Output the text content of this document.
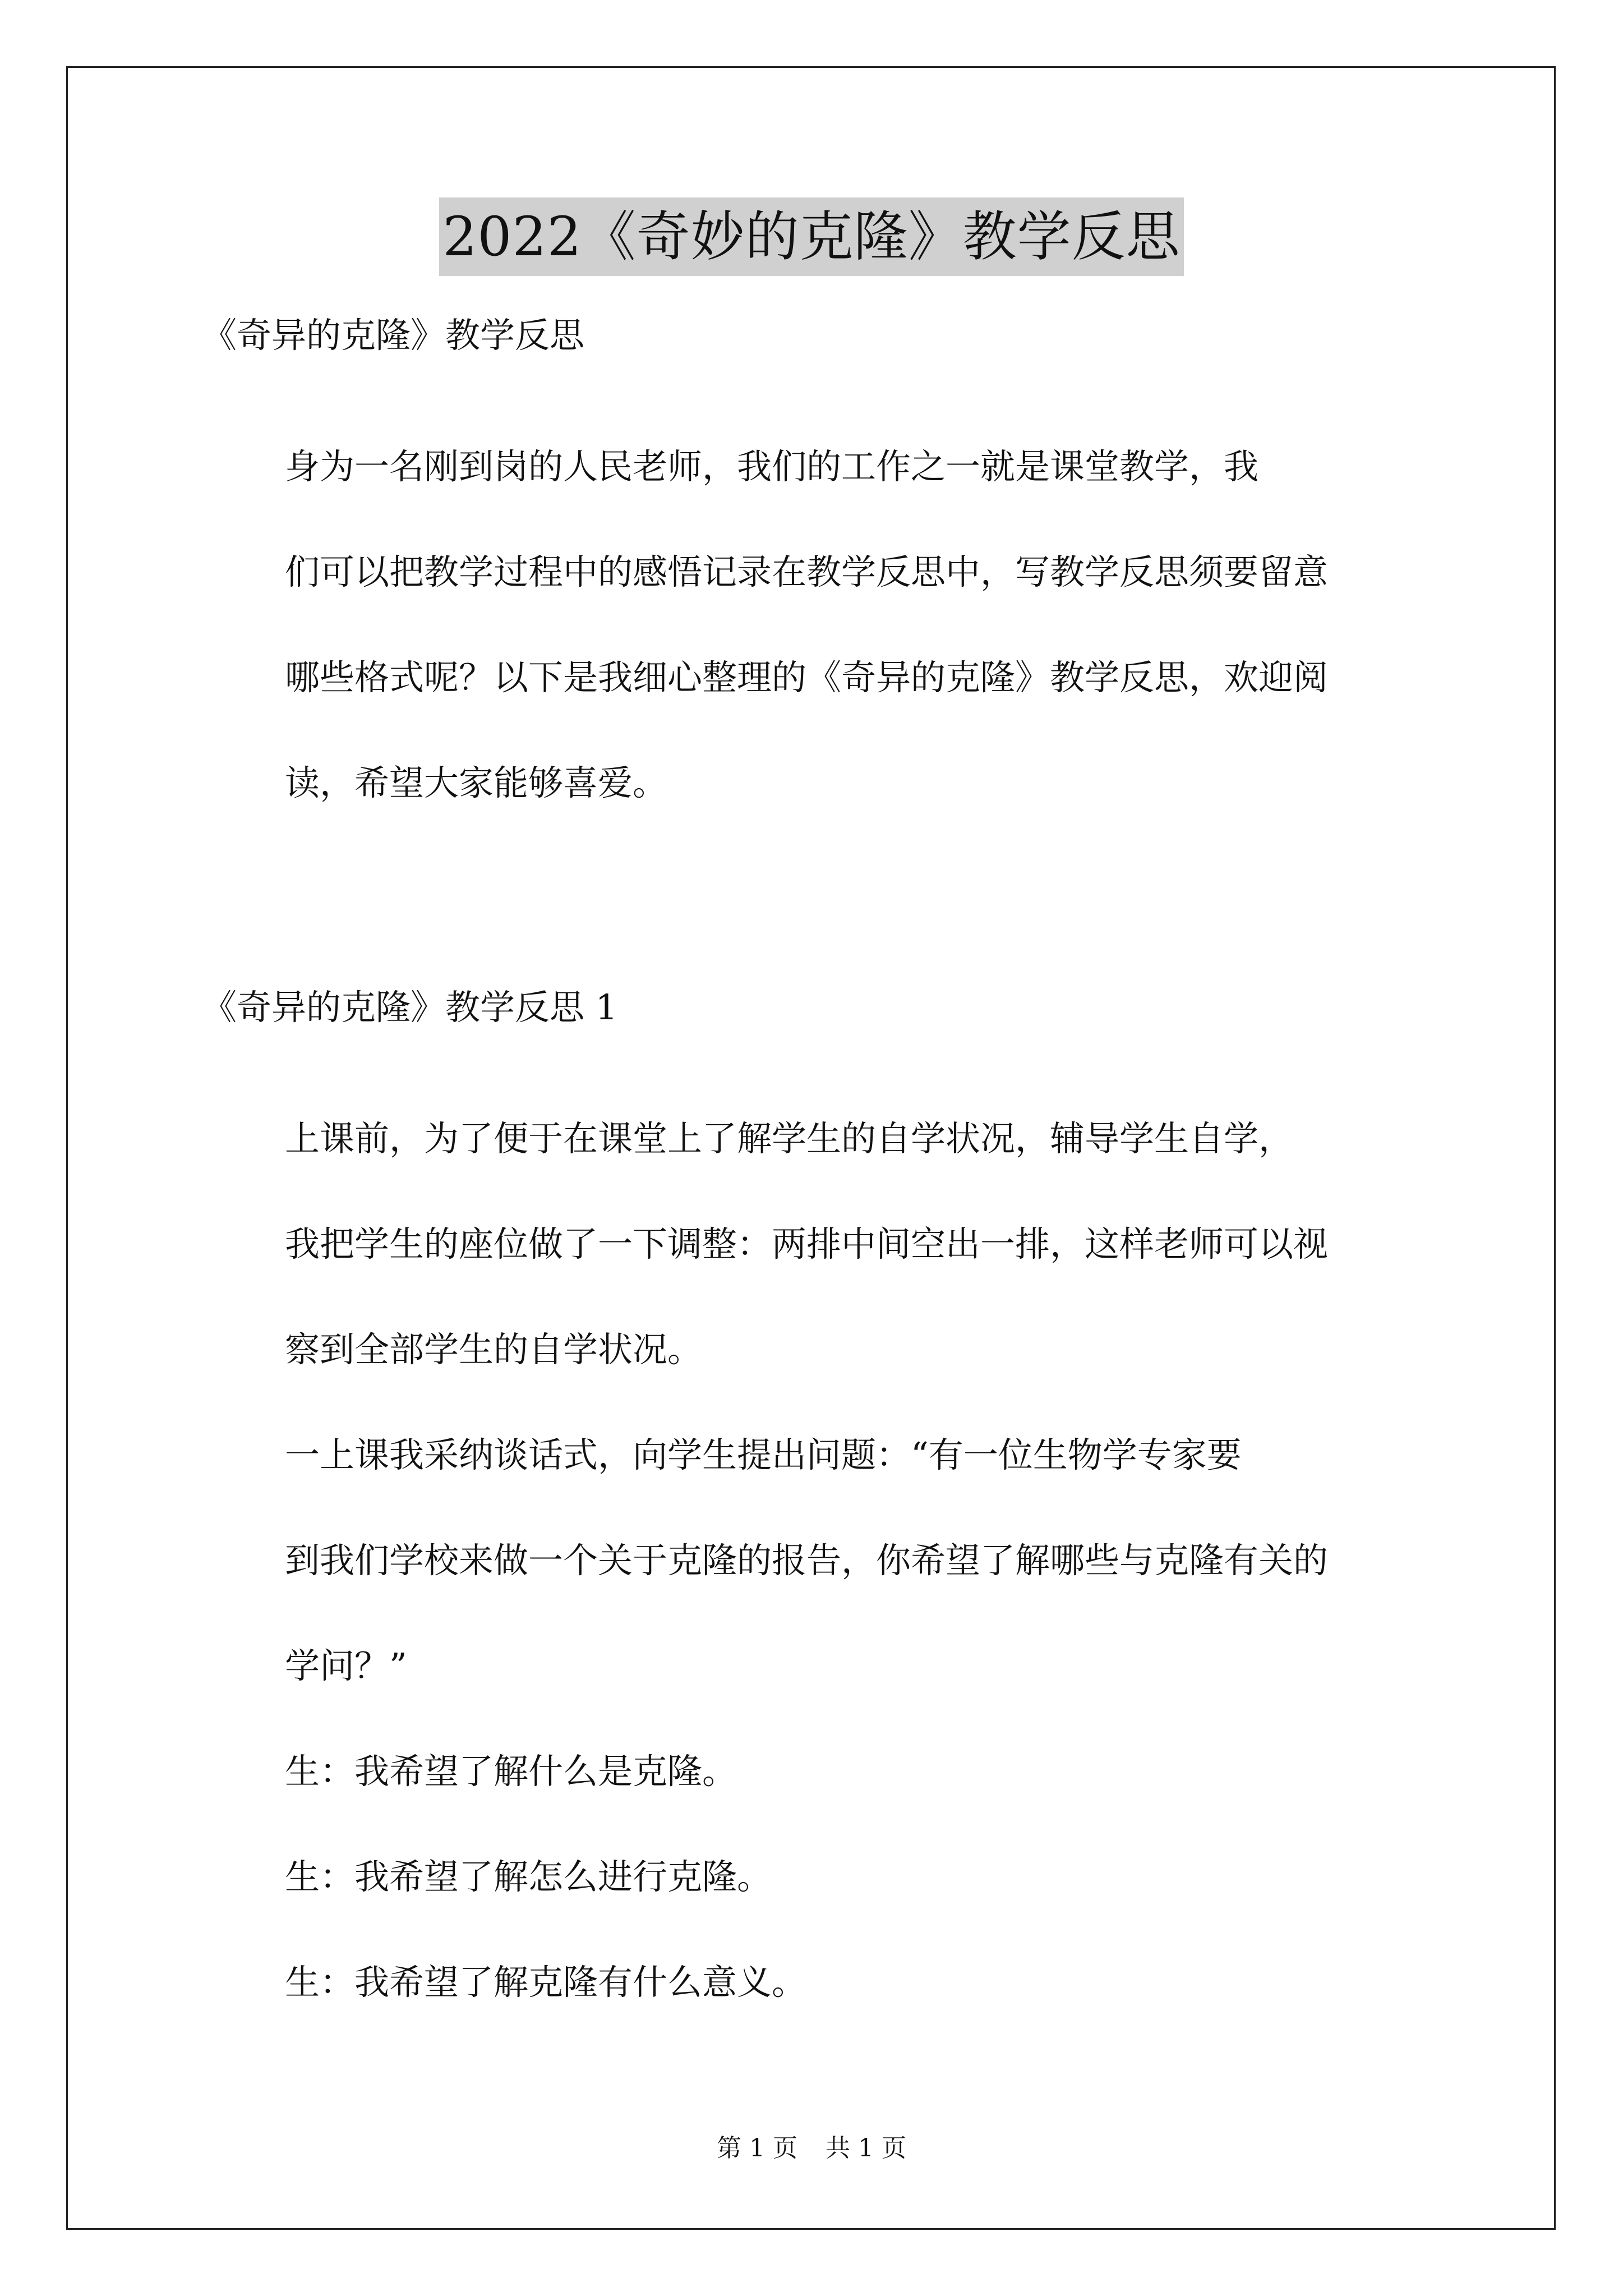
2022《奇妙的克隆》教学反思

《奇异的克隆》教学反思

身为一名刚到岗的人民老师，我们的工作之一就是课堂教学，我
们可以把教学过程中的感悟记录在教学反思中，写教学反思须要留意
哪些格式呢？以下是我细心整理的《奇异的克隆》教学反思，欢迎阅
读，希望大家能够喜爱。

《奇异的克隆》教学反思 1

上课前，为了便于在课堂上了解学生的自学状况，辅导学生自学，
我把学生的座位做了一下调整：两排中间空出一排，这样老师可以视
察到全部学生的自学状况。
一上课我采纳谈话式，向学生提出问题：“有一位生物学专家要
到我们学校来做一个关于克隆的报告，你希望了解哪些与克隆有关的
学问？”
生：我希望了解什么是克隆。
生：我希望了解怎么进行克隆。
生：我希望了解克隆有什么意义。
第 1 页 共 1 页
